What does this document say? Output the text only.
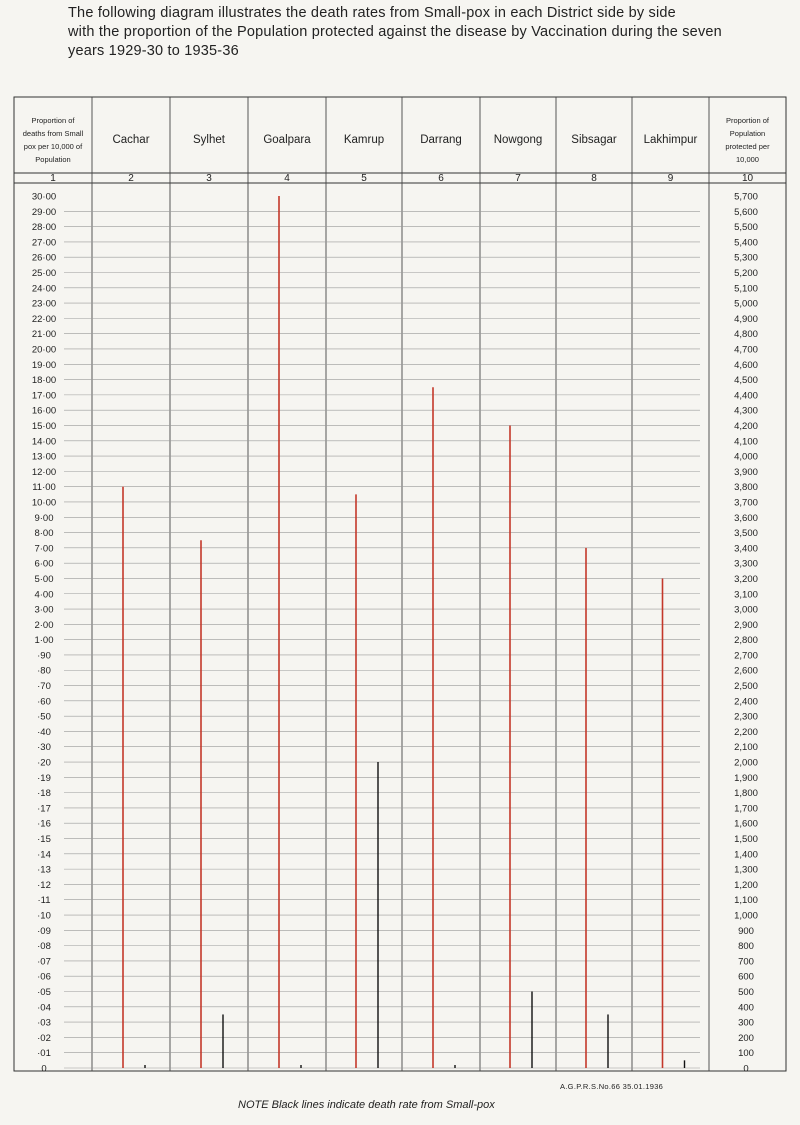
The following diagram illustrates the death rates from Small-pox in each District side by side
with the proportion of the Population protected against the disease by Vaccination during the seven
years 1929-30 to 1935-36
Proportion of
deaths from Small
pox per 10,000 of
Population
Proportion of
Population
protected per
10,000
Cachar	Sylhet	Goalpara	Kamrup	Darrang	Nowgong	Sibsagar Lakhimpur
1	2	3	4	5	6	7	8	9	10
30·00
29·00
28·00
27·00
26·00
25·00
24·00
23·00
22·00
21·00
20·00
19·00
18·00
17·00
16·00
15·00
14·00
13·00
12·00
11·00
10·00
9·00
8·00
7·00
6·00
5·00
4·00
3·00
2·00
1·00
·90
·80
·70
·60
·50
·40
·30
·20
·19
·18
·17
·16
·15
·14
·13
·12
·11
·10
·09
·08
·07
·06
·05
·04
·03
·02
·01
0
5,700
5,600
5,500
5,400
5,300
5,200
5,100
5,000
4,900
4,800
4,700
4,600
4,500
4,400
4,300
4,200
4,100
4,000
3,900
3,800
3,700
3,600
3,500
3,400
3,300
3,200
3,100
3,000
2,900
2,800
2,700
2,600
2,500
2,400
2,300
2,200
2,100
2,000
1,900
1,800
1,700
1,600
1,500
1,400
1,300
1,200
1,100
1,000
900
800
700
600
500
400
300
200
100
0
A.G.P.R.S.No.66 35.01.1936
NOTE Black lines indicate death rate from Small-pox
